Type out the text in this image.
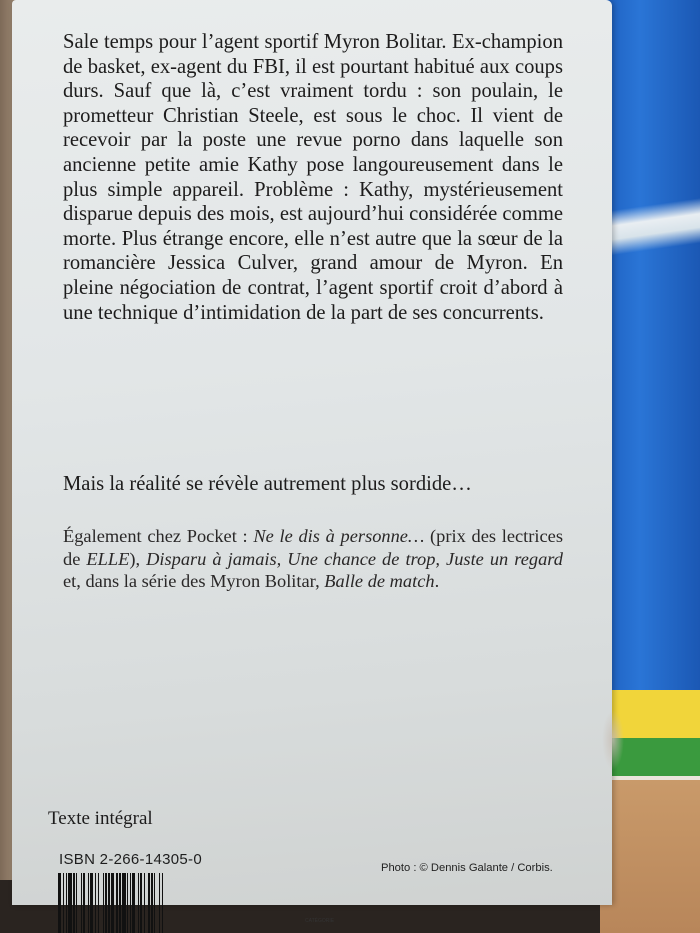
Sale temps pour l’agent sportif Myron Bolitar. Ex-champion de basket, ex-agent du FBI, il est pourtant habitué aux coups durs. Sauf que là, c’est vraiment tordu : son poulain, le prometteur Christian Steele, est sous le choc. Il vient de recevoir par la poste une revue porno dans laquelle son ancienne petite amie Kathy pose langoureusement dans le plus simple appareil. Problème : Kathy, mystérieusement disparue depuis des mois, est aujourd’hui considérée comme morte. Plus étrange encore, elle n’est autre que la sœur de la romancière Jessica Culver, grand amour de Myron. En pleine négociation de contrat, l’agent sportif croit d’abord à une technique d’intimidation de la part de ses concurrents.

Mais la réalité se révèle autrement plus sordide…

Également chez Pocket : Ne le dis à personne… (prix des lectrices de ELLE), Disparu à jamais, Une chance de trop, Juste un regard et, dans la série des Myron Bolitar, Balle de match.

Texte intégral
ISBN 2-266-14305-0	Photo : © Dennis Galante / Corbis.
CATÉGORIE
